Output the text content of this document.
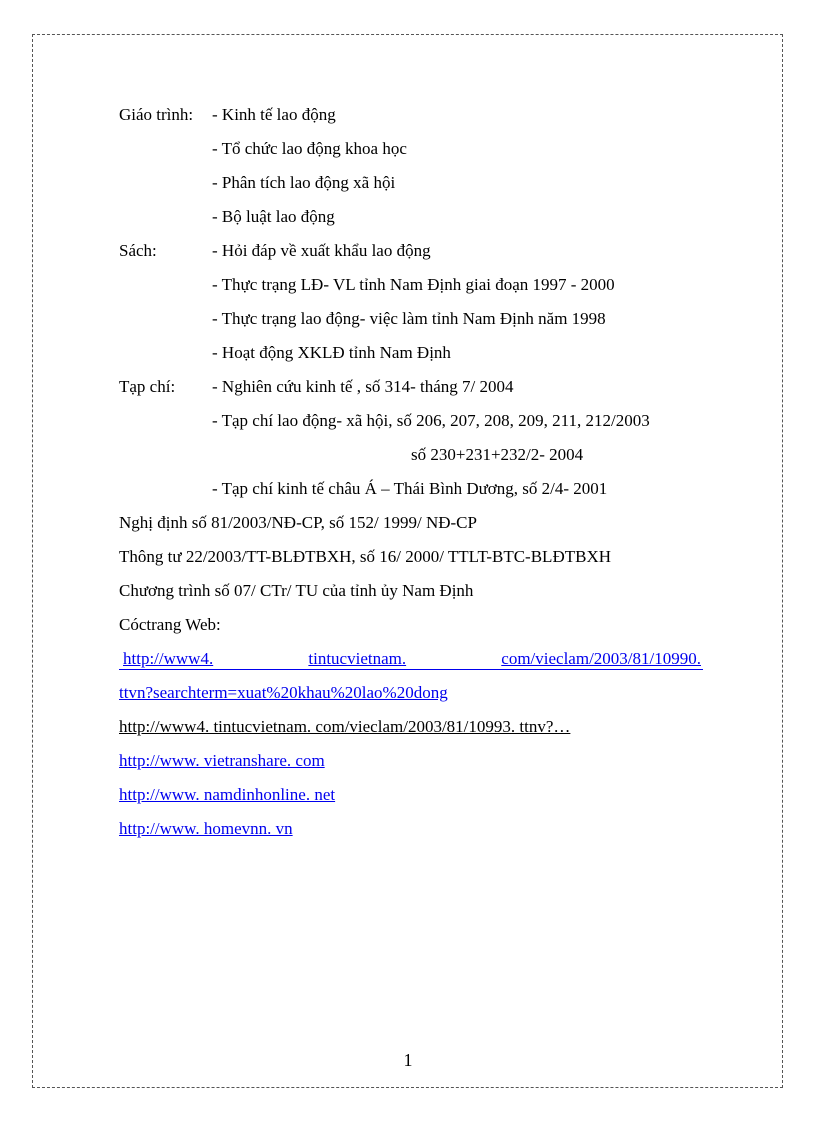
Giáo trình: - Kinh tế lao động
- Tổ chức lao động khoa học
- Phân tích lao động xã hội
- Bộ luật lao động
Sách:	- Hỏi đáp về xuất khẩu lao động
- Thực trạng LĐ- VL tỉnh Nam Định giai đoạn 1997 - 2000
- Thực trạng lao động- việc làm tỉnh Nam Định năm 1998
- Hoạt động XKLĐ tỉnh Nam Định
Tạp chí: - Nghiên cứu kinh tế , số 314- tháng 7/ 2004
- Tạp chí lao động- xã hội, số 206, 207, 208, 209, 211, 212/2003
số 230+231+232/2- 2004
- Tạp chí kinh tế châu Á – Thái Bình Dương, số 2/4- 2001
Nghị định số 81/2003/NĐ-CP, số 152/ 1999/ NĐ-CP
Thông tư 22/2003/TT-BLĐTBXH, số 16/ 2000/ TTLT-BTC-BLĐTBXH
Chương trình số 07/ CTr/ TU của tỉnh ủy Nam Định
Cóctrang Web:
http://www4.	tintucvietnam.	com/vieclam/2003/81/10990.
ttvn?searchterm=xuat%20khau%20lao%20dong
http://www4. tintucvietnam. com/vieclam/2003/81/10993. ttnv?…
http://www. vietranshare. com
http://www. namdinhonline. net
http://www. homevnn. vn
1
